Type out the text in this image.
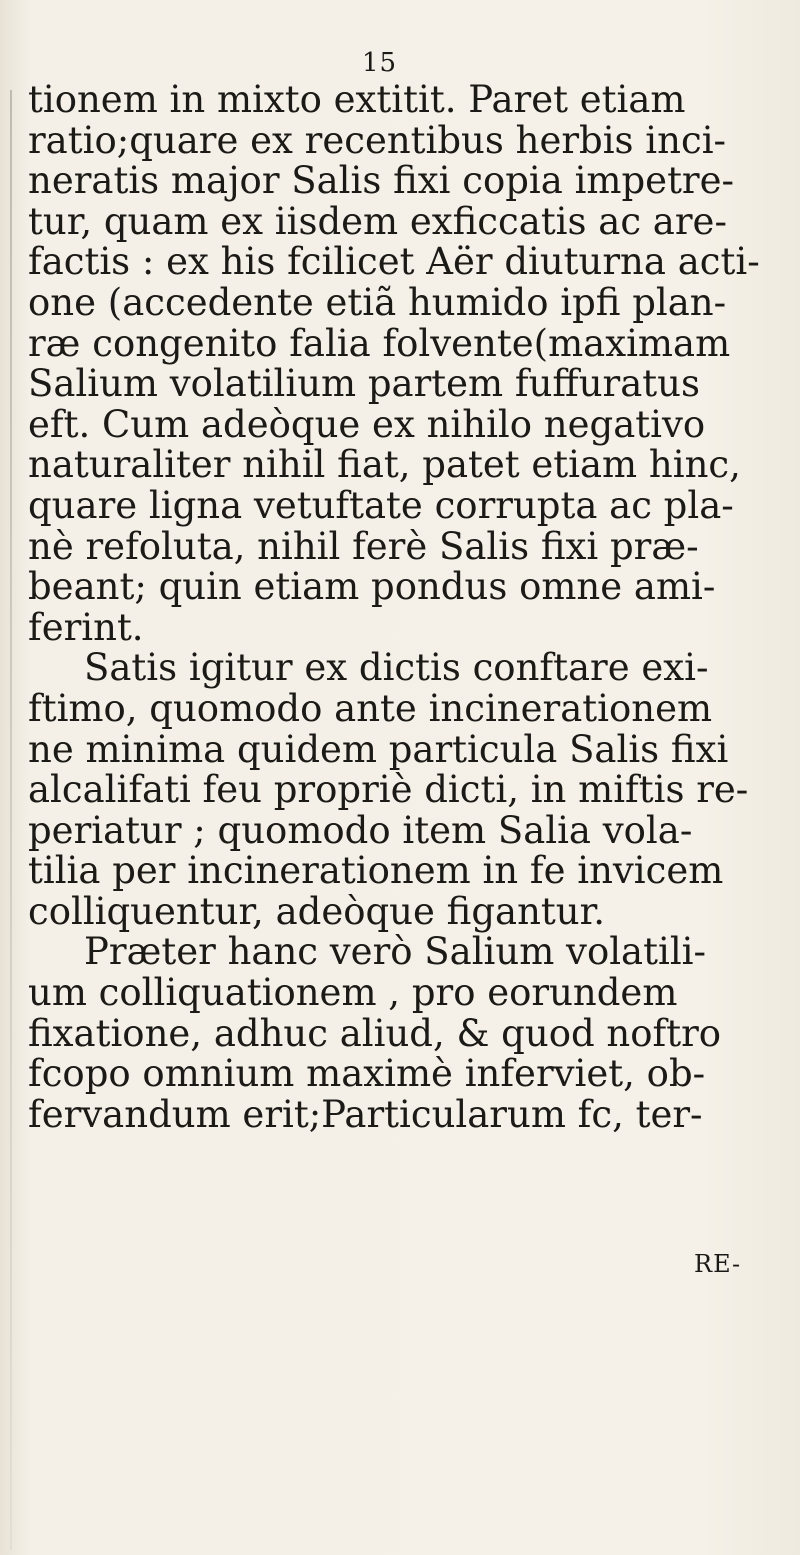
15
tionem in mixto extitit. Paret etiam
ratio;quare ex recentibus herbis inci-
neratis major Salis fixi copia impetre-
tur, quam ex iisdem exficcatis ac are-
factis : ex his fcilicet Aër diuturna acti-
one (accedente etiã humido ipfi plan-
ræ congenito falia folvente(maximam
Salium volatilium partem fuffuratus
eft. Cum adeòque ex nihilo negativo
naturaliter nihil fiat, patet etiam hinc,
quare ligna vetuftate corrupta ac pla-
nè refoluta, nihil ferè Salis fixi præ-
beant; quin etiam pondus omne ami-
ferint.
Satis igitur ex dictis conftare exi-
ftimo, quomodo ante incinerationem
ne minima quidem particula Salis fixi
alcalifati feu propriè dicti, in miftis re-
periatur ; quomodo item Salia vola-
tilia per incinerationem in fe invicem
colliquentur, adeòque figantur.
Præter hanc verò Salium volatili-
um colliquationem , pro eorundem
fixatione, adhuc aliud, & quod noftro
fcopo omnium maximè inferviet, ob-
fervandum erit;Particularum fc, ter-
RE-
